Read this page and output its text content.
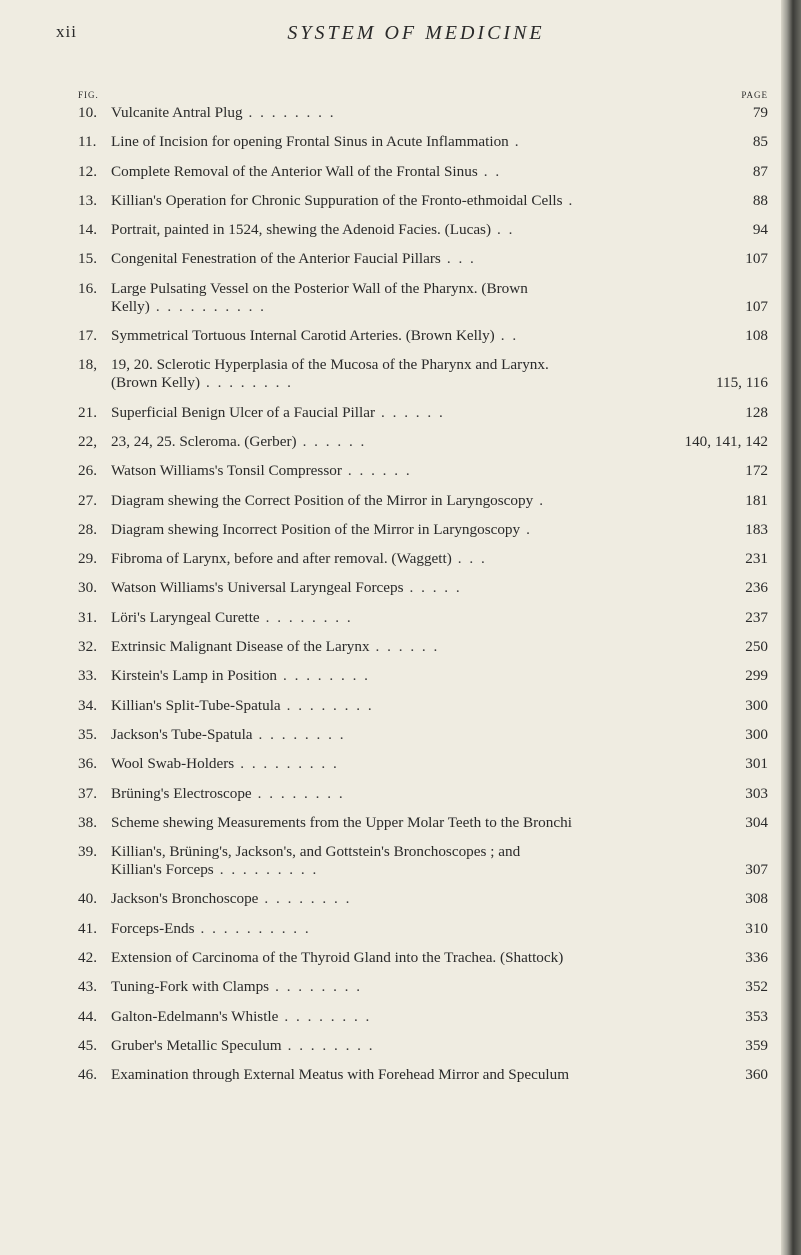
xii	SYSTEM OF MEDICINE
FIG.	PAGE
10. Vulcanite Antral Plug . . . . . . . .	79
11. Line of Incision for opening Frontal Sinus in Acute Inflammation .	85
12. Complete Removal of the Anterior Wall of the Frontal Sinus . .	87
13. Killian's Operation for Chronic Suppuration of the Fronto-ethmoidal Cells .	88
14. Portrait, painted in 1524, shewing the Adenoid Facies. (Lucas) . .	94
15. Congenital Fenestration of the Anterior Faucial Pillars . . .	107
16. Large Pulsating Vessel on the Posterior Wall of the Pharynx. (Brown
Kelly) . . . . . . . . . .	107
17. Symmetrical Tortuous Internal Carotid Arteries. (Brown Kelly) . .	108
18, 19, 20. Sclerotic Hyperplasia of the Mucosa of the Pharynx and Larynx.
(Brown Kelly) . . . . . . . .	115, 116
21. Superficial Benign Ulcer of a Faucial Pillar . . . . . .	128
22, 23, 24, 25. Scleroma. (Gerber) . . . . . .	140, 141, 142
26. Watson Williams's Tonsil Compressor . . . . . .	172
27. Diagram shewing the Correct Position of the Mirror in Laryngoscopy .	181
28. Diagram shewing Incorrect Position of the Mirror in Laryngoscopy .	183
29. Fibroma of Larynx, before and after removal. (Waggett) . . .	231
30. Watson Williams's Universal Laryngeal Forceps . . . . .	236
31. Löri's Laryngeal Curette . . . . . . . .	237
32. Extrinsic Malignant Disease of the Larynx . . . . . .	250
33. Kirstein's Lamp in Position . . . . . . . .	299
34. Killian's Split-Tube-Spatula . . . . . . . .	300
35. Jackson's Tube-Spatula . . . . . . . .	300
36. Wool Swab-Holders . . . . . . . . .	301
37. Brüning's Electroscope . . . . . . . .	303
38. Scheme shewing Measurements from the Upper Molar Teeth to the Bronchi	304
39. Killian's, Brüning's, Jackson's, and Gottstein's Bronchoscopes ; and
Killian's Forceps . . . . . . . . .	307
40. Jackson's Bronchoscope . . . . . . . .	308
41. Forceps-Ends . . . . . . . . . .	310
42. Extension of Carcinoma of the Thyroid Gland into the Trachea. (Shattock)	336
43. Tuning-Fork with Clamps . . . . . . . .	352
44. Galton-Edelmann's Whistle . . . . . . . .	353
45. Gruber's Metallic Speculum . . . . . . . .	359
46. Examination through External Meatus with Forehead Mirror and Speculum	360
